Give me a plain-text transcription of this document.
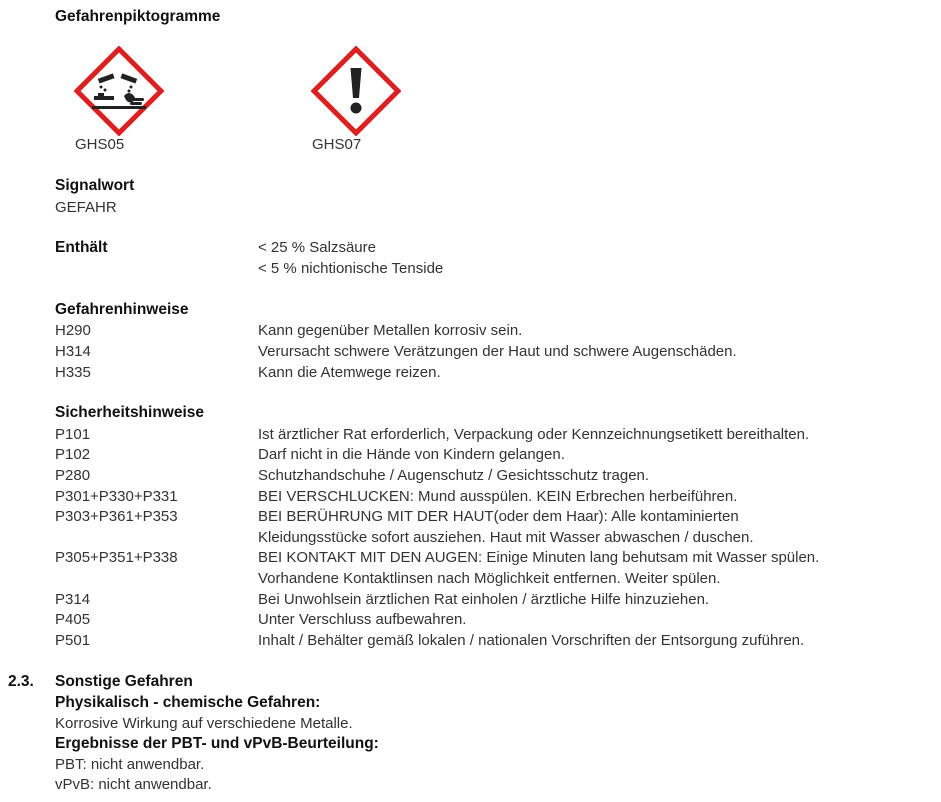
Gefahrenpiktogramme
GHS05	GHS07
Signalwort
GEFAHR
Enthält	< 25 % Salzsäure
< 5 % nichtionische Tenside
Gefahrenhinweise
H290	Kann gegenüber Metallen korrosiv sein.
H314	Verursacht schwere Verätzungen der Haut und schwere Augenschäden.
H335	Kann die Atemwege reizen.
Sicherheitshinweise
P101	Ist ärztlicher Rat erforderlich, Verpackung oder Kennzeichnungsetikett bereithalten.
P102	Darf nicht in die Hände von Kindern gelangen.
P280	Schutzhandschuhe / Augenschutz / Gesichtsschutz tragen.
P301+P330+P331	BEI VERSCHLUCKEN: Mund ausspülen. KEIN Erbrechen herbeiführen.
P303+P361+P353	BEI BERÜHRUNG MIT DER HAUT(oder dem Haar): Alle kontaminierten
Kleidungsstücke sofort ausziehen. Haut mit Wasser abwaschen / duschen.
P305+P351+P338	BEI KONTAKT MIT DEN AUGEN: Einige Minuten lang behutsam mit Wasser spülen.
Vorhandene Kontaktlinsen nach Möglichkeit entfernen. Weiter spülen.
P314	Bei Unwohlsein ärztlichen Rat einholen / ärztliche Hilfe hinzuziehen.
P405	Unter Verschluss aufbewahren.
P501	Inhalt / Behälter gemäß lokalen / nationalen Vorschriften der Entsorgung zuführen.
2.3. Sonstige Gefahren
Physikalisch - chemische Gefahren:
Korrosive Wirkung auf verschiedene Metalle.
Ergebnisse der PBT- und vPvB-Beurteilung:
PBT: nicht anwendbar.
vPvB: nicht anwendbar.
